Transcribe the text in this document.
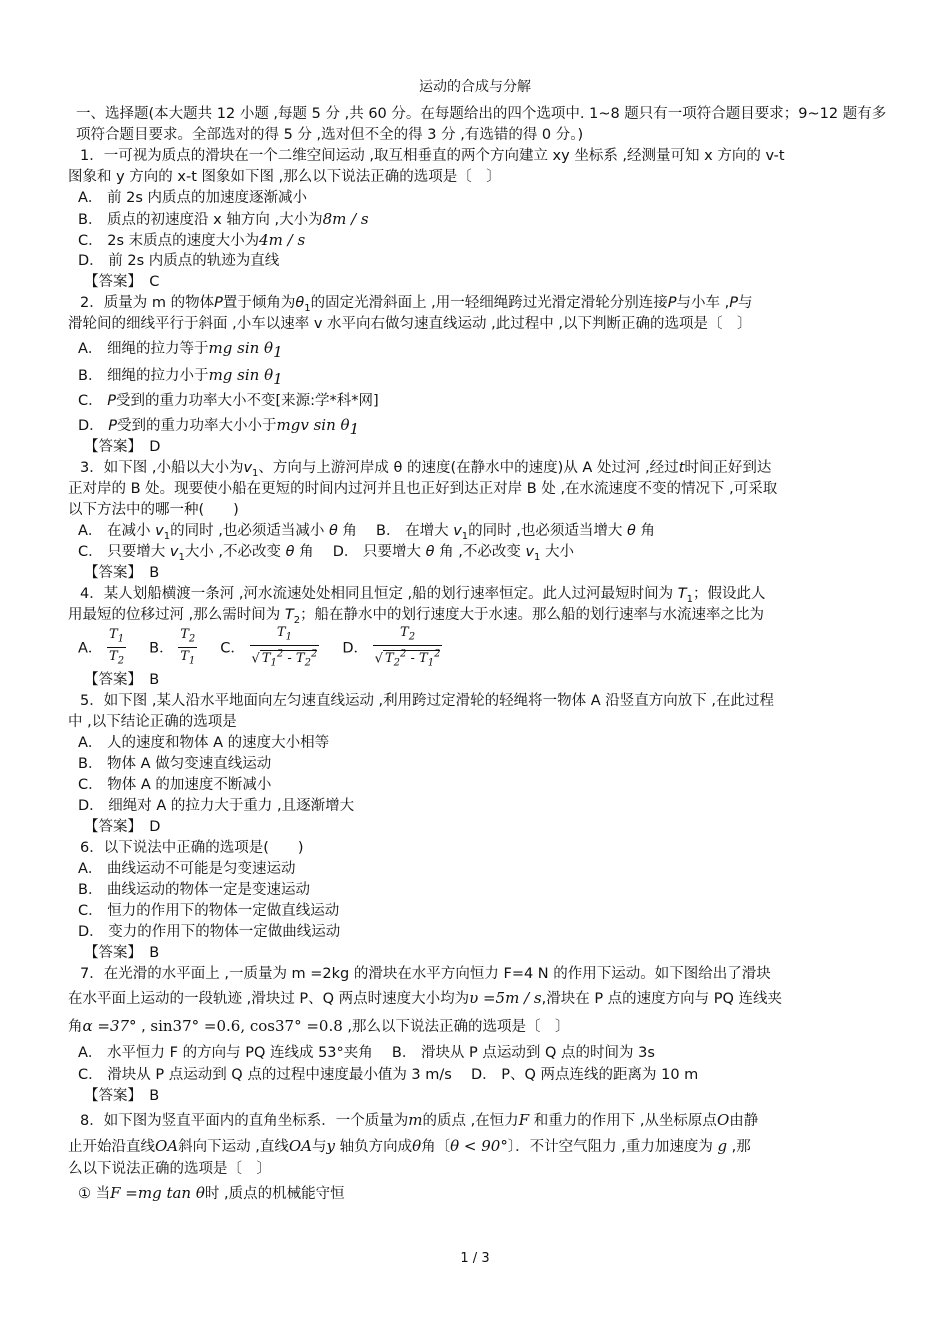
运动的合成与分解
一、选择题(本大题共 12 小题 ,每题 5 分 ,共 60 分。在每题给出的四个选项中. 1~8 题只有一项符合题目要求；9~12 题有多项符合题目要求。全部选对的得 5 分 ,选对但不全的得 3 分 ,有选错的得 0 分。)
1．一可视为质点的滑块在一个二维空间运动 ,取互相垂直的两个方向建立 xy 坐标系 ,经测量可知 x 方向的 v-t
图象和 y 方向的 x-t 图象如下图 ,那么以下说法正确的选项是〔　〕
A． 前 2s 内质点的加速度逐渐减小
B． 质点的初速度沿 x 轴方向 ,大小为8m / s
C． 2s 末质点的速度大小为4m / s
D． 前 2s 内质点的轨迹为直线
【答案】　C
2．质量为 m 的物体P置于倾角为$\theta_1$的固定光滑斜面上 ,用一轻细绳跨过光滑定滑轮分别连接P与小车 ,P与
滑轮间的细线平行于斜面 ,小车以速率 v 水平向右做匀速直线运动 ,此过程中 ,以下判断正确的选项是〔　〕
A． 细绳的拉力等于mg $\sin \theta_1$
B． 细绳的拉力小于mg $\sin \theta_1$
C． P受到的重力功率大小不变[来源:学*科*网]
D． P受到的重力功率大小小于mgv $\sin \theta_1$
【答案】　D
3．如下图 ,小船以大小为$v_1$、方向与上游河岸成 θ 的速度(在静水中的速度)从 A 处过河 ,经过t时间正好到达
正对岸的 B 处。现要使小船在更短的时间内过河并且也正好到达正对岸 B 处 ,在水流速度不变的情况下 ,可采取
以下方法中的哪一种(　　)
A． 在减小 $v_1$的同时 ,也必须适当减小 θ 角　 B． 在增大 $v_1$的同时 ,也必须适当增大 θ 角
C． 只要增大 $v_1$大小 ,不必改变 θ 角　 D． 只要增大 θ 角 ,不必改变 $v_1$ 大小
【答案】　B
4．某人划船横渡一条河 ,河水流速处处相同且恒定 ,船的划行速率恒定。此人过河最短时间为 $T_1$；假设此人
用最短的位移过河 ,那么需时间为 $T_2$；船在静水中的划行速度大于水速。那么船的划行速率与水流速率之比为
A． $\frac{T_1}{T_2}$ B． $\frac{T_2}{T_1}$ C． $\frac{T_1}{√ T_1^2 - T_2^2}$ D． $\frac{T_2}{√ T_2^2 - T_1^2}$
【答案】　B
5．如下图 ,某人沿水平地面向左匀速直线运动 ,利用跨过定滑轮的轻绳将一物体 A 沿竖直方向放下 ,在此过程
中 ,以下结论正确的选项是
A． 人的速度和物体 A 的速度大小相等
B． 物体 A 做匀变速直线运动
C． 物体 A 的加速度不断减小
D． 细绳对 A 的拉力大于重力 ,且逐渐增大
【答案】　D
6．以下说法中正确的选项是(　　)
A． 曲线运动不可能是匀变速运动
B． 曲线运动的物体一定是变速运动
C． 恒力的作用下的物体一定做直线运动
D． 变力的作用下的物体一定做曲线运动
【答案】　B
7．在光滑的水平面上 ,一质量为 m =2kg 的滑块在水平方向恒力 F=4 N 的作用下运动。如下图给出了滑块
在水平面上运动的一段轨迹 ,滑块过 P、Q 两点时速度大小均为υ =5m / s,滑块在 P 点的速度方向与 PQ 连线夹
角α =37° , sin37° =0.6, cos37° =0.8 ,那么以下说法正确的选项是〔　〕
A． 水平恒力 F 的方向与 PQ 连线成 53°夹角　 B． 滑块从 P 点运动到 Q 点的时间为 3s
C． 滑块从 P 点运动到 Q 点的过程中速度最小值为 3 m/s　 D． P、Q 两点连线的距离为 10 m
【答案】　B
8．如下图为竖直平面内的直角坐标系．一个质量为m的质点 ,在恒力F 和重力的作用下 ,从坐标原点O由静
止开始沿直线OA斜向下运动 ,直线OA与y 轴负方向成θ角〔θ < 90°〕．不计空气阻力 ,重力加速度为 g ,那
么以下说法正确的选项是〔　〕
① 当F =mg tan θ时 ,质点的机械能守恒
1 / 3
